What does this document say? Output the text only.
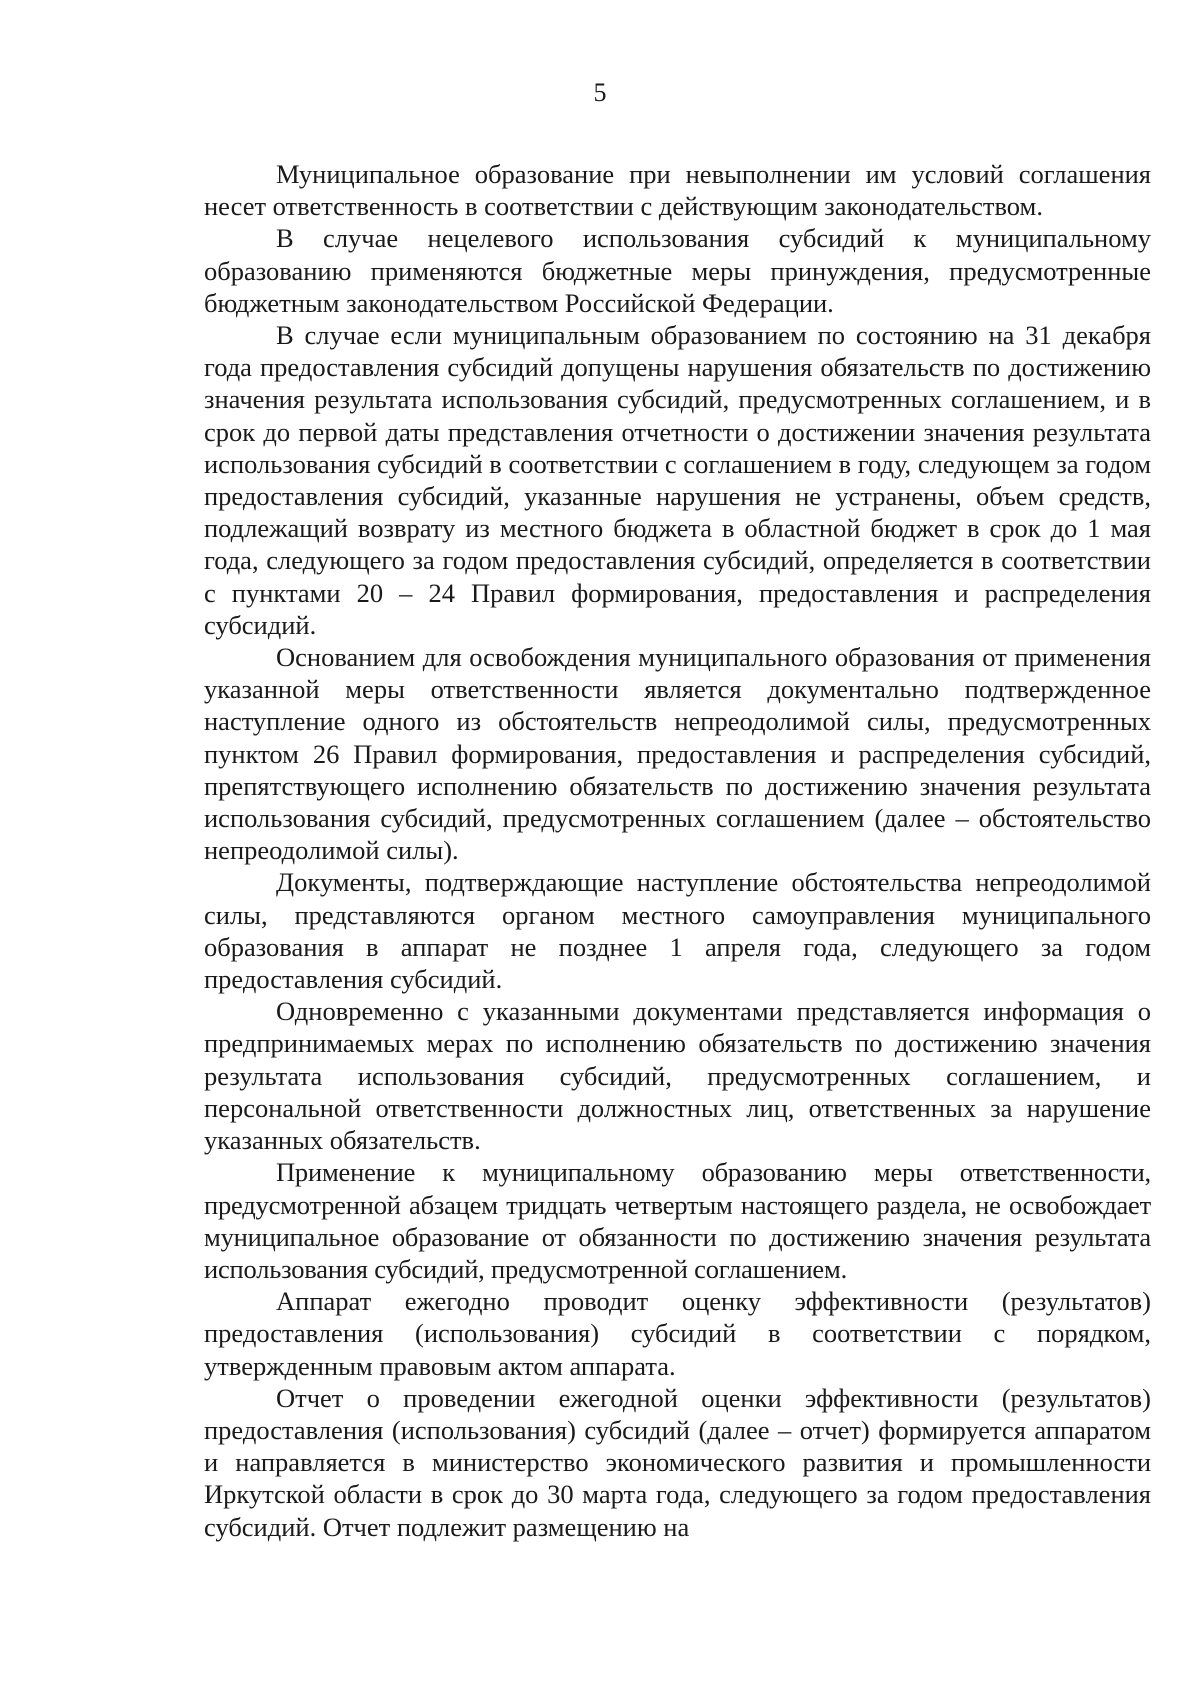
5

Муниципальное образование при невыполнении им условий соглашения несет ответственность в соответствии с действующим законодательством.

В случае нецелевого использования субсидий к муниципальному образованию применяются бюджетные меры принуждения, предусмотренные бюджетным законодательством Российской Федерации.

В случае если муниципальным образованием по состоянию на 31 декабря года предоставления субсидий допущены нарушения обязательств по достижению значения результата использования субсидий, предусмотренных соглашением, и в срок до первой даты представления отчетности о достижении значения результата использования субсидий в соответствии с соглашением в году, следующем за годом предоставления субсидий, указанные нарушения не устранены, объем средств, подлежащий возврату из местного бюджета в областной бюджет в срок до 1 мая года, следующего за годом предоставления субсидий, определяется в соответствии с пунктами 20 – 24 Правил формирования, предоставления и распределения субсидий.

Основанием для освобождения муниципального образования от применения указанной меры ответственности является документально подтвержденное наступление одного из обстоятельств непреодолимой силы, предусмотренных пунктом 26 Правил формирования, предоставления и распределения субсидий, препятствующего исполнению обязательств по достижению значения результата использования субсидий, предусмотренных соглашением (далее – обстоятельство непреодолимой силы).

Документы, подтверждающие наступление обстоятельства непреодолимой силы, представляются органом местного самоуправления муниципального образования в аппарат не позднее 1 апреля года, следующего за годом предоставления субсидий.

Одновременно с указанными документами представляется информация о предпринимаемых мерах по исполнению обязательств по достижению значения результата использования субсидий, предусмотренных соглашением, и персональной ответственности должностных лиц, ответственных за нарушение указанных обязательств.

Применение к муниципальному образованию меры ответственности, предусмотренной абзацем тридцать четвертым настоящего раздела, не освобождает муниципальное образование от обязанности по достижению значения результата использования субсидий, предусмотренной соглашением.

Аппарат ежегодно проводит оценку эффективности (результатов) предоставления (использования) субсидий в соответствии с порядком, утвержденным правовым актом аппарата.

Отчет о проведении ежегодной оценки эффективности (результатов) предоставления (использования) субсидий (далее – отчет) формируется аппаратом и направляется в министерство экономического развития и промышленности Иркутской области в срок до 30 марта года, следующего за годом предоставления субсидий. Отчет подлежит размещению на
